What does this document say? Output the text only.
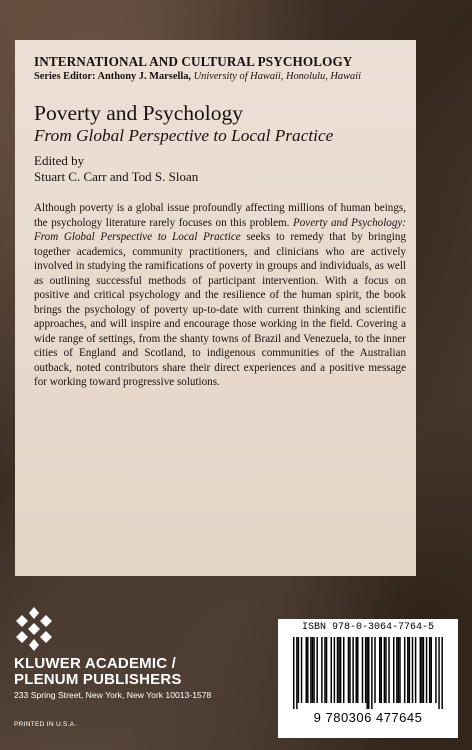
INTERNATIONAL AND CULTURAL PSYCHOLOGY

Series Editor: Anthony J. Marsella, University of Hawaii, Honolulu, Hawaii

Poverty and Psychology

From Global Perspective to Local Practice

Edited by

Stuart C. Carr and Tod S. Sloan

Although poverty is a global issue profoundly affecting millions of human beings, the psychology literature rarely focuses on this problem. Poverty and Psychology: From Global Perspective to Local Practice seeks to remedy that by bringing together academics, community practitioners, and clinicians who are actively involved in studying the ramifications of poverty in groups and individuals, as well as outlining successful methods of participant intervention. With a focus on positive and critical psychology and the resilience of the human spirit, the book brings the psychology of poverty up-to-date with current thinking and scientific approaches, and will inspire and encourage those working in the field. Covering a wide range of settings, from the shanty towns of Brazil and Venezuela, to the inner cities of England and Scotland, to indigenous communities of the Australian outback, noted contributors share their direct experiences and a positive message for working toward progressive solutions.

KLUWER ACADEMIC /
PLENUM PUBLISHERS
233 Spring Street, New York, New York 10013-1578
PRINTED IN U.S.A.

ISBN 978-0-3064-7764-5

9 780306 477645
